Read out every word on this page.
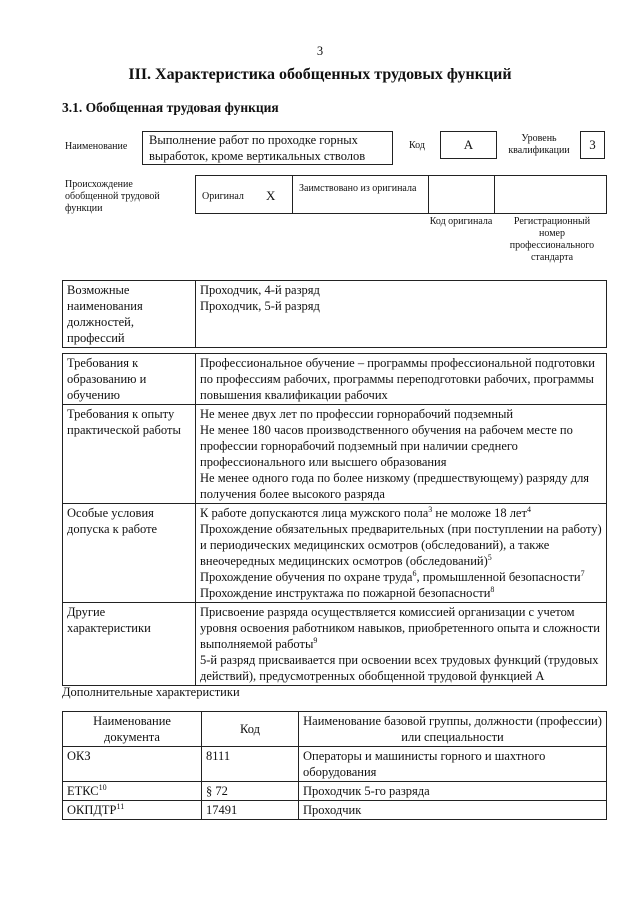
3
III. Характеристика обобщенных трудовых функций
3.1. Обобщенная трудовая функция
Наименование	Выполнение работ по проходке горных выработок, кроме вертикальных стволов
Код	А	Уровень квалификации	3
Происхождение обобщенной трудовой функции
Оригинал Х Заимствовано из оригинала
Код оригинала	Регистрационный номер профессионального стандарта
Возможные наименования должностей, профессий	
Проходчик, 4-й разряд
Проходчик, 5-й разряд
Требования к образованию и обучению	Профессиональное обучение – программы профессиональной подготовки по профессиям рабочих, программы переподготовки рабочих, программы повышения квалификации рабочих
Требования к опыту практической работы	Не менее двух лет по профессии горнорабочий подземный
Не менее 180 часов производственного обучения на рабочем месте по профессии горнорабочий подземный при наличии среднего профессионального или высшего образования
Не менее одного года по более низкому (предшествующему) разряду для получения более высокого разряда

Особые условия допуска к работе	К работе допускаются лица мужского пола$^3$ не моложе 18 лет$^4$
Прохождение обязательных предварительных (при поступлении на работу) и периодических медицинских осмотров (обследований), а также внеочередных медицинских осмотров (обследований)$^5$
Прохождение обучения по охране труда$^6$, промышленной безопасности$^7$
Прохождение инструктажа по пожарной безопасности$^8$

Другие характеристики	Присвоение разряда осуществляется комиссией организации с учетом уровня освоения работником навыков, приобретенного опыта и сложности выполняемой работы$^9$
5-й разряд присваивается при освоении всех трудовых функций (трудовых действий), предусмотренных обобщенной трудовой функцией А
Дополнительные характеристики
Наименование документа	Код	Наименование базовой группы, должности (профессии) или специальности
ОКЗ	8111	Операторы и машинисты горного и шахтного оборудования
ЕТКС$^{10}$	§ 72	Проходчик 5-го разряда
ОКПДТР$^{11}$	17491	Проходчик
